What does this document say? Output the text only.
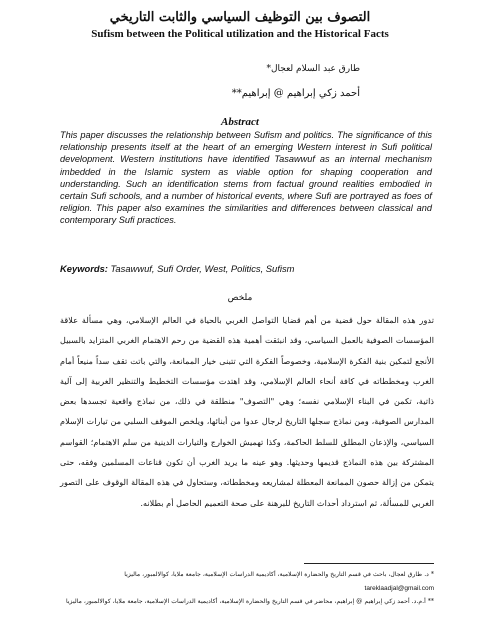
التصوف بين التوظيف السياسي والثابت التاريخي
Sufism between the Political utilization and the Historical Facts
طارق عبد السلام لعجال*
أحمد زكي إبراهيم @ إبراهيم**
Abstract

This paper discusses the relationship between Sufism and politics. The significance of this relationship presents itself at the heart of an emerging Western interest in Sufi political development. Western institutions have identified Tasawwuf as an internal mechanism imbedded in the Islamic system as viable option for shaping cooperation and understanding. Such an identification stems from factual ground realities embodied in certain Sufi schools, and a number of historical events, where Sufi are portrayed as foes of religion. This paper also examines the similarities and differences between classical and contemporary Sufi practices.

Keywords: Tasawwuf, Sufi Order, West, Politics, Sufism
ملخص

تدور هذه المقالة حول قضية من أهم قضايا التواصل الغربي بالحياة في العالم الإسلامي، وهي مسألة علاقة المؤسسات الصوفية بالعمل السياسي، وقد انبثقت أهمية هذه القضية من رحم الاهتمام الغربي المتزايد بالسبيل الأنجع لتمكين بنية الفكرة الإسلامية، وخصوصاً الفكرة التي تتبنى خيار الممانعة، والتي باتت تقف سداً منيعاً أمام الغرب ومخططاته في كافة أنحاء العالم الإسلامي، وقد اهتدت مؤسسات التخطيط والتنظير الغربية إلى آلية ذاتية، تكمن في البناء الإسلامي نفسه؛ وهي "التصوف" منطلقة في ذلك، من نماذج واقعية تجسدها بعض المدارس الصوفية، ومن نماذج سجلها التاريخ لرجال عدوا من أبنائها، ويلخص الموقف السلبي من تيارات الإسلام السياسي، والإذعان المطلق للسلط الحاكمة، وكذا تهميش الخوارج والتيارات الدينية من سلم الاهتمام؛ القواسم المشتركة بين هذه النماذج قديمها وحديثها. وهو عينه ما يريد الغرب أن تكون قناعات المسلمين وفقه، حتى يتمكن من إزالة حصون الممانعة المعطلة لمشاريعه ومخططاته، وستحاول في هذه المقالة الوقوف على التصور الغربي للمسألة، ثم استرداد أحداث التاريخ للبرهنة على صحة التعميم الحاصل أم بطلانه.

* د. طارق لعجال، باحث في قسم التاريخ والحضارة الإسلامية، أكاديمية الدراسات الإسلامية، جامعة ملايا، كوالالمبور، ماليزيا

tareklaadjal@gmail.com

** أ.م.د. أحمد زكي إبراهيم @ إبراهيم، محاضر في قسم التاريخ والحضارة الإسلامية، أكاديمية الدراسات الإسلامية، جامعة ملايا، كوالالمبور، ماليزيا
